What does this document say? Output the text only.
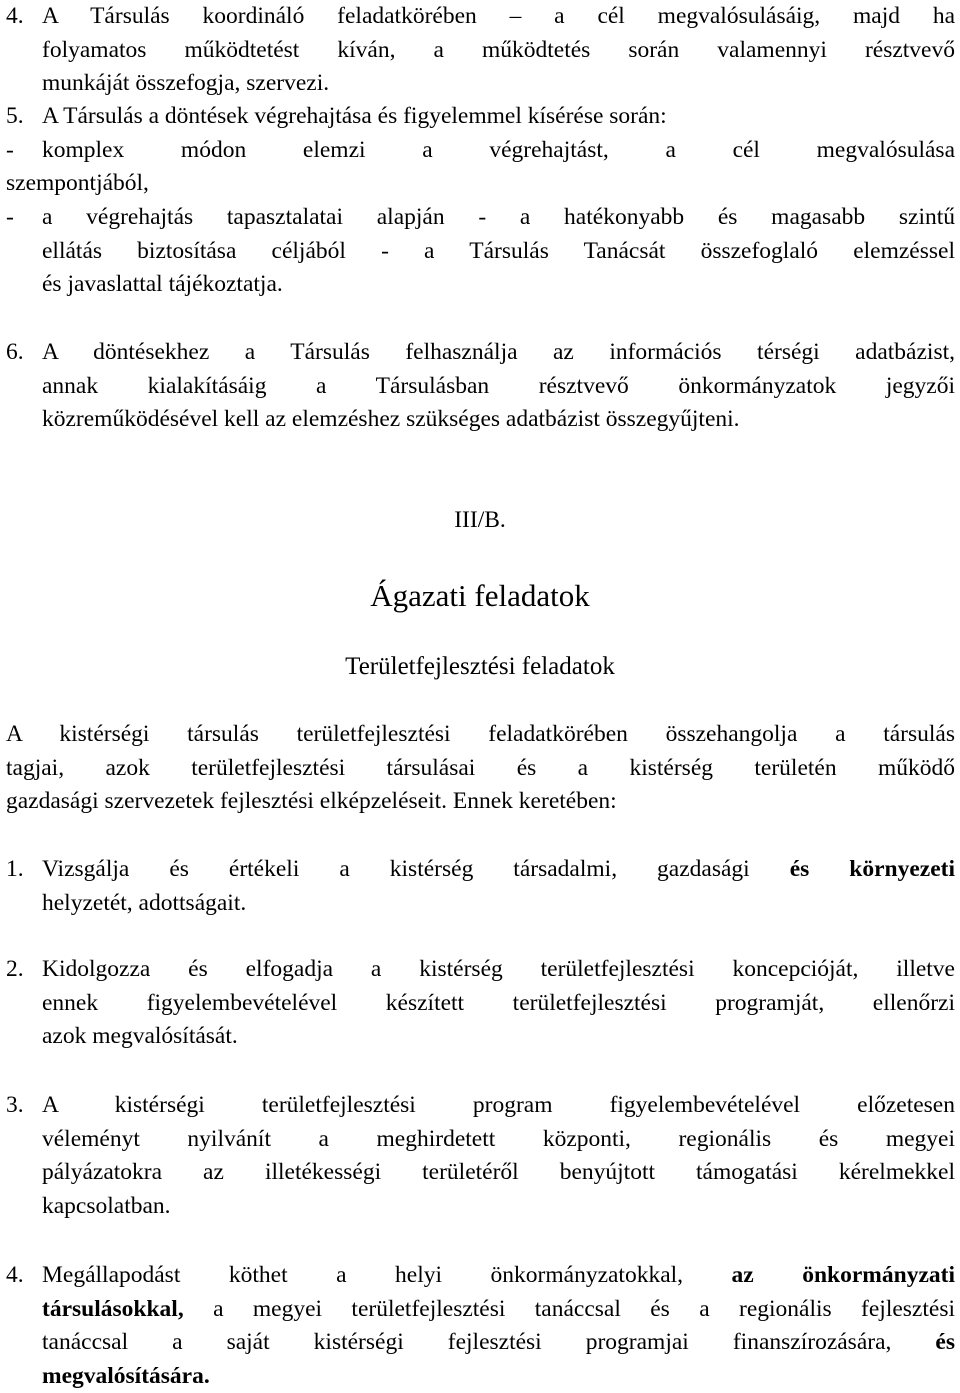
4. A Társulás koordináló feladatkörében – a cél megvalósulásáig, majd ha
folyamatos működtetést kíván, a működtetés során valamennyi résztvevő
munkáját összefogja, szervezi.
5. A Társulás a döntések végrehajtása és figyelemmel kísérése során:
-	komplex módon elemzi a végrehajtást, a cél megvalósulása
szempontjából,
-	a végrehajtás tapasztalatai alapján - a hatékonyabb és magasabb szintű
ellátás biztosítása céljából - a Társulás Tanácsát összefoglaló elemzéssel
és javaslattal tájékoztatja.
6. A döntésekhez a Társulás felhasználja az információs térségi adatbázist,
annak kialakításáig a Társulásban résztvevő önkormányzatok jegyzői
közreműködésével kell az elemzéshez szükséges adatbázist összegyűjteni.
III/B.
Ágazati feladatok
Területfejlesztési feladatok
A kistérségi társulás területfejlesztési feladatkörében összehangolja a társulás
tagjai, azok területfejlesztési társulásai és a kistérség területén működő
gazdasági szervezetek fejlesztési elképzeléseit. Ennek keretében:
1. Vizsgálja és értékeli a kistérség társadalmi, gazdasági és környezeti
helyzetét, adottságait.
2. Kidolgozza és elfogadja a kistérség területfejlesztési koncepcióját, illetve
ennek figyelembevételével készített területfejlesztési programját, ellenőrzi
azok megvalósítását.
3. A kistérségi területfejlesztési program figyelembevételével előzetesen
véleményt nyilvánít a meghirdetett központi, regionális és megyei
pályázatokra az illetékességi területéről benyújtott támogatási kérelmekkel
kapcsolatban.
4. Megállapodást köthet a helyi önkormányzatokkal, az önkormányzati
társulásokkal, a megyei területfejlesztési tanáccsal és a regionális fejlesztési
tanáccsal a saját kistérségi fejlesztési programjai finanszírozására, és
megvalósítására.
